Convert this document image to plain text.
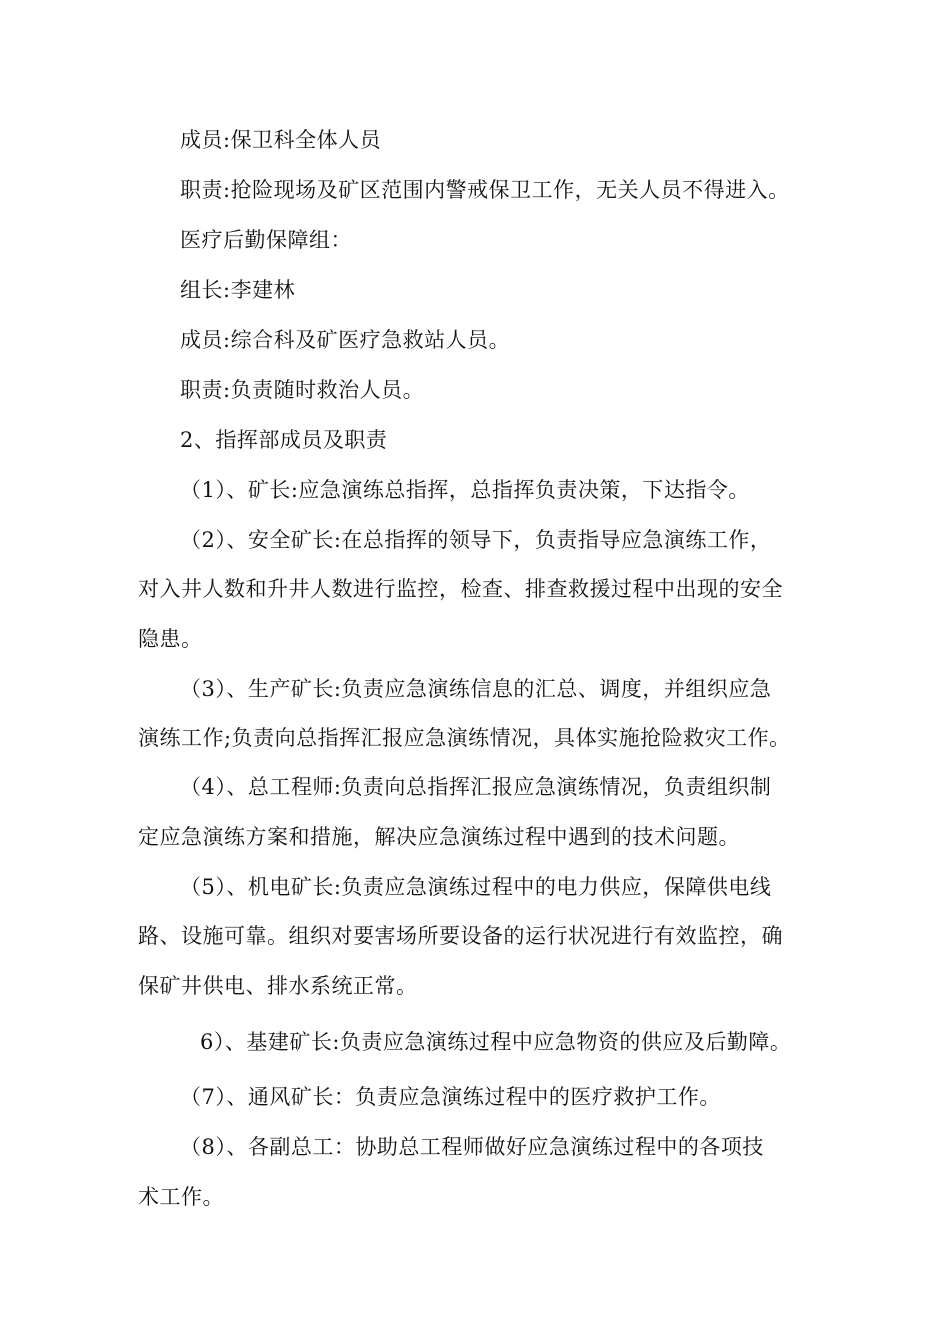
成员:保卫科全体人员
职责:抢险现场及矿区范围内警戒保卫工作，无关人员不得进入。
医疗后勤保障组：
组长:李建林
成员:综合科及矿医疗急救站人员。
职责:负责随时救治人员。
2、指挥部成员及职责
（1）、矿长:应急演练总指挥，总指挥负责决策，下达指令。
（2）、安全矿长:在总指挥的领导下，负责指导应急演练工作，
对入井人数和升井人数进行监控，检查、排查救援过程中出现的安全
隐患。
（3）、生产矿长:负责应急演练信息的汇总、调度，并组织应急
演练工作;负责向总指挥汇报应急演练情况，具体实施抢险救灾工作。
（4）、总工程师:负责向总指挥汇报应急演练情况，负责组织制
定应急演练方案和措施，解决应急演练过程中遇到的技术问题。
（5）、机电矿长:负责应急演练过程中的电力供应，保障供电线
路、设施可靠。组织对要害场所要设备的运行状况进行有效监控，确
保矿井供电、排水系统正常。
6）、基建矿长:负责应急演练过程中应急物资的供应及后勤障。
（7）、通风矿长：负责应急演练过程中的医疗救护工作。
（8）、各副总工：协助总工程师做好应急演练过程中的各项技
术工作。
